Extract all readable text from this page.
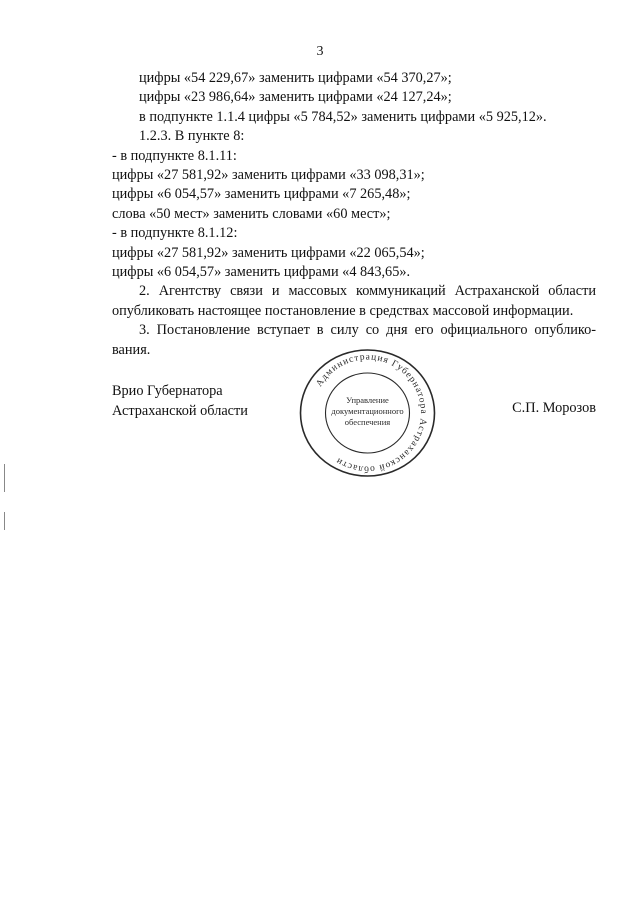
3
цифры «54 229,67» заменить цифрами «54 370,27»;
цифры «23 986,64» заменить цифрами «24 127,24»;
в подпункте 1.1.4 цифры «5 784,52» заменить цифрами «5 925,12».
1.2.3. В пункте 8:
- в подпункте 8.1.11:
цифры «27 581,92» заменить цифрами «33 098,31»;
цифры «6 054,57» заменить цифрами «7 265,48»;
слова «50 мест» заменить словами «60 мест»;
- в подпункте 8.1.12:
цифры «27 581,92» заменить цифрами «22 065,54»;
цифры «6 054,57» заменить цифрами «4 843,65».
2. Агентству связи и массовых коммуникаций Астраханской области
опубликовать настоящее постановление в средствах массовой информации.
3. Постановление вступает в силу со дня его официального опублико-
вания.
Врио Губернатора
Астраханской области	С.П. Морозов
Администрация Губернатора Астраханской области
Управление
документационного
обеспечения
